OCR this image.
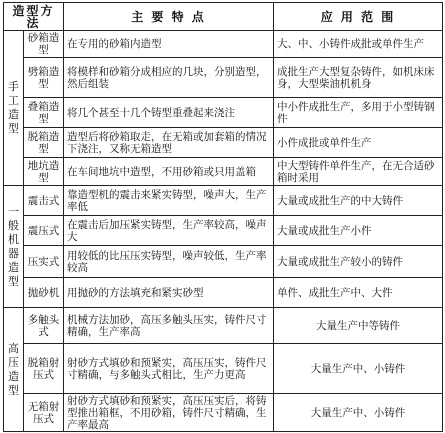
造型方法		主 要 特 点	应 用 范 围

手工造型	砂箱造型	在专用的砂箱内造型	大、中、小铸件成批或单件生产
	劈箱造型	将模样和砂箱分成相应的几块，分别造型，然后组装	成批生产大型复杂铸件，如机床床身，大型柴油机机身
	叠箱造型	将几个甚至十几个铸型重叠起来浇注	中小件成批生产，多用于小型铸钢件
	脱箱造型	造型后将砂箱取走，在无箱或加套箱的情况下浇注，又称无箱造型	小件成批或单件生产
	地坑造型	在车间地坑中造型，不用砂箱或只用盖箱	中大型铸件单件生产，在无合适砂箱时采用

一般机器造型	震击式	靠造型机的震击来紧实铸型，噪声大，生产率低	大量或成批生产的中大铸件
	震压式	在震击后加压紧实铸型，生产率较高，噪声大	大量或成批生产小件
	压实式	用较低的比压压实铸型，噪声较低，生产率较高	大量或成批生产较小的铸件
	抛砂机	用抛砂的方法填充和紧实砂型	单件、成批生产中、大件

高压造型	多触头式	机械方法加砂，高压多触头压实，铸件尺寸精确，生产率高	大量生产中等铸件
	脱箱射压式	射砂方式填砂和预紧实，高压压实，铸件尺寸精确，与多触头式相比，生产力更高	大量生产中、小铸件
	无箱射压式	射砂方式填砂和预紧实，高压压实后，将铸型推出箱框，不用砂箱，铸件尺寸精确，生产率最高	大量生产中、小铸件
